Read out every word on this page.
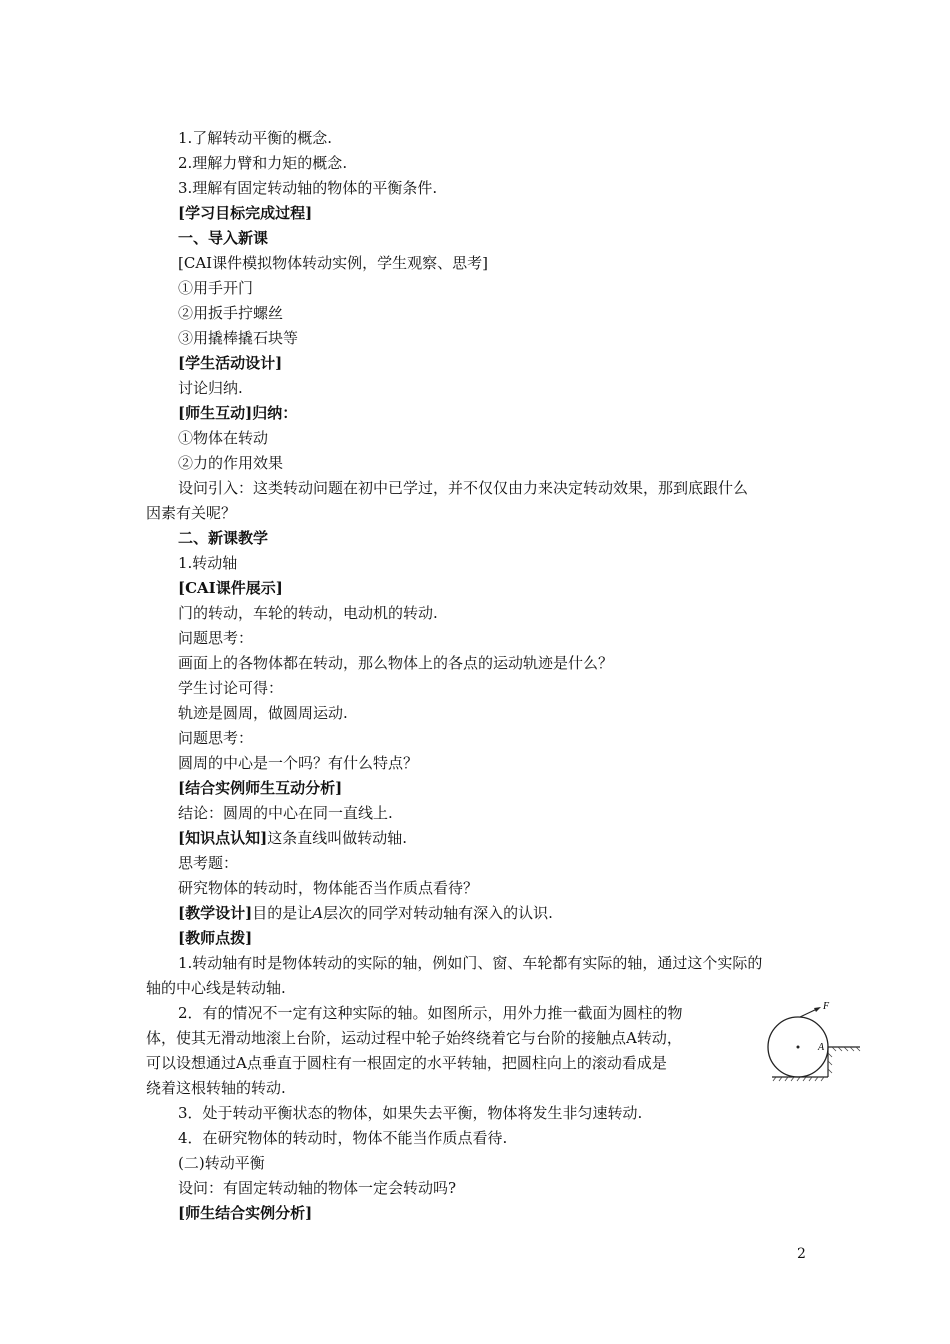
1.了解转动平衡的概念.
2.理解力臂和力矩的概念.
3.理解有固定转动轴的物体的平衡条件.
[学习目标完成过程]
一、导入新课
[CAI课件模拟物体转动实例，学生观察、思考]
①用手开门
②用扳手拧螺丝
③用撬棒撬石块等
[学生活动设计]
讨论归纳.
[师生互动]归纳：
①物体在转动
②力的作用效果
设问引入：这类转动问题在初中已学过，并不仅仅由力来决定转动效果，那到底跟什么
因素有关呢？
二、新课教学
1.转动轴
[CAI课件展示]
门的转动，车轮的转动，电动机的转动.
问题思考：
画面上的各物体都在转动，那么物体上的各点的运动轨迹是什么？
学生讨论可得：
轨迹是圆周，做圆周运动.
问题思考：
圆周的中心是一个吗？有什么特点？
[结合实例师生互动分析]
结论：圆周的中心在同一直线上.
[知识点认知]这条直线叫做转动轴.
思考题：
研究物体的转动时，物体能否当作质点看待？
[教学设计]目的是让A层次的同学对转动轴有深入的认识.
[教师点拨]
1.转动轴有时是物体转动的实际的轴，例如门、窗、车轮都有实际的轴，通过这个实际的
轴的中心线是转动轴.
2．有的情况不一定有这种实际的轴。如图所示，用外力推一截面为圆柱的物
体，使其无滑动地滚上台阶，运动过程中轮子始终绕着它与台阶的接触点A转动，
可以设想通过A点垂直于圆柱有一根固定的水平转轴，把圆柱向上的滚动看成是
绕着这根转轴的转动.
3．处于转动平衡状态的物体，如果失去平衡，物体将发生非匀速转动.
4．在研究物体的转动时，物体不能当作质点看待.
(二)转动平衡
设问：有固定转动轴的物体一定会转动吗?
[师生结合实例分析]
F
A
2
